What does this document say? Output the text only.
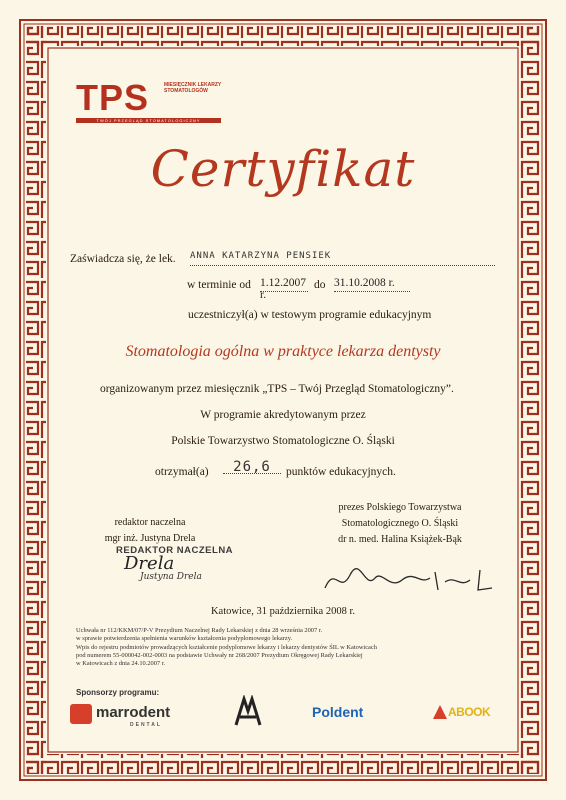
TPS	MIESIĘCZNIK LEKARZY STOMATOLOGÓW
TWÓJ PRZEGLĄD STOMATOLOGICZNY
Certyfikat
Zaświadcza się, że lek. ANNA KATARZYNA PENSIEK
w terminie od 1.12.2007 r.
do 31.10.2008 r.
uczestniczył(a) w testowym programie edukacyjnym
Stomatologia ogólna w praktyce lekarza dentysty
organizowanym przez miesięcznik „TPS – Twój Przegląd Stomatologiczny”.
W programie akredytowanym przez
Polskie Towarzystwo Stomatologiczne O. Śląski
otrzymał(a)	26,6	punktów edukacyjnych.
redaktor naczelna
mgr inż. Justyna Drela
REDAKTOR NACZELNA
Drela
Justyna Drela
prezes Polskiego Towarzystwa
Stomatologicznego O. Śląski
dr n. med. Halina Książek-Bąk
Katowice, 31 października 2008 r.
Uchwała nr 112/KKM/07/P-V Prezydium Naczelnej Rady Lekarskiej z dnia 28 września 2007 r.
w sprawie potwierdzenia spełnienia warunków kształcenia podyplomowego lekarzy.
Wpis do rejestru podmiotów prowadzących kształcenie podyplomowe lekarzy i lekarzy dentystów ŚIL w Katowicach
pod numerem 55-000042-002-0003 na podstawie Uchwały nr 268/2007 Prezydium Okręgowej Rady Lekarskiej
w Katowicach z dnia 24.10.2007 r.
Sponsorzy programu:
marrodent
DENTAL
Poldent	ABOOK
